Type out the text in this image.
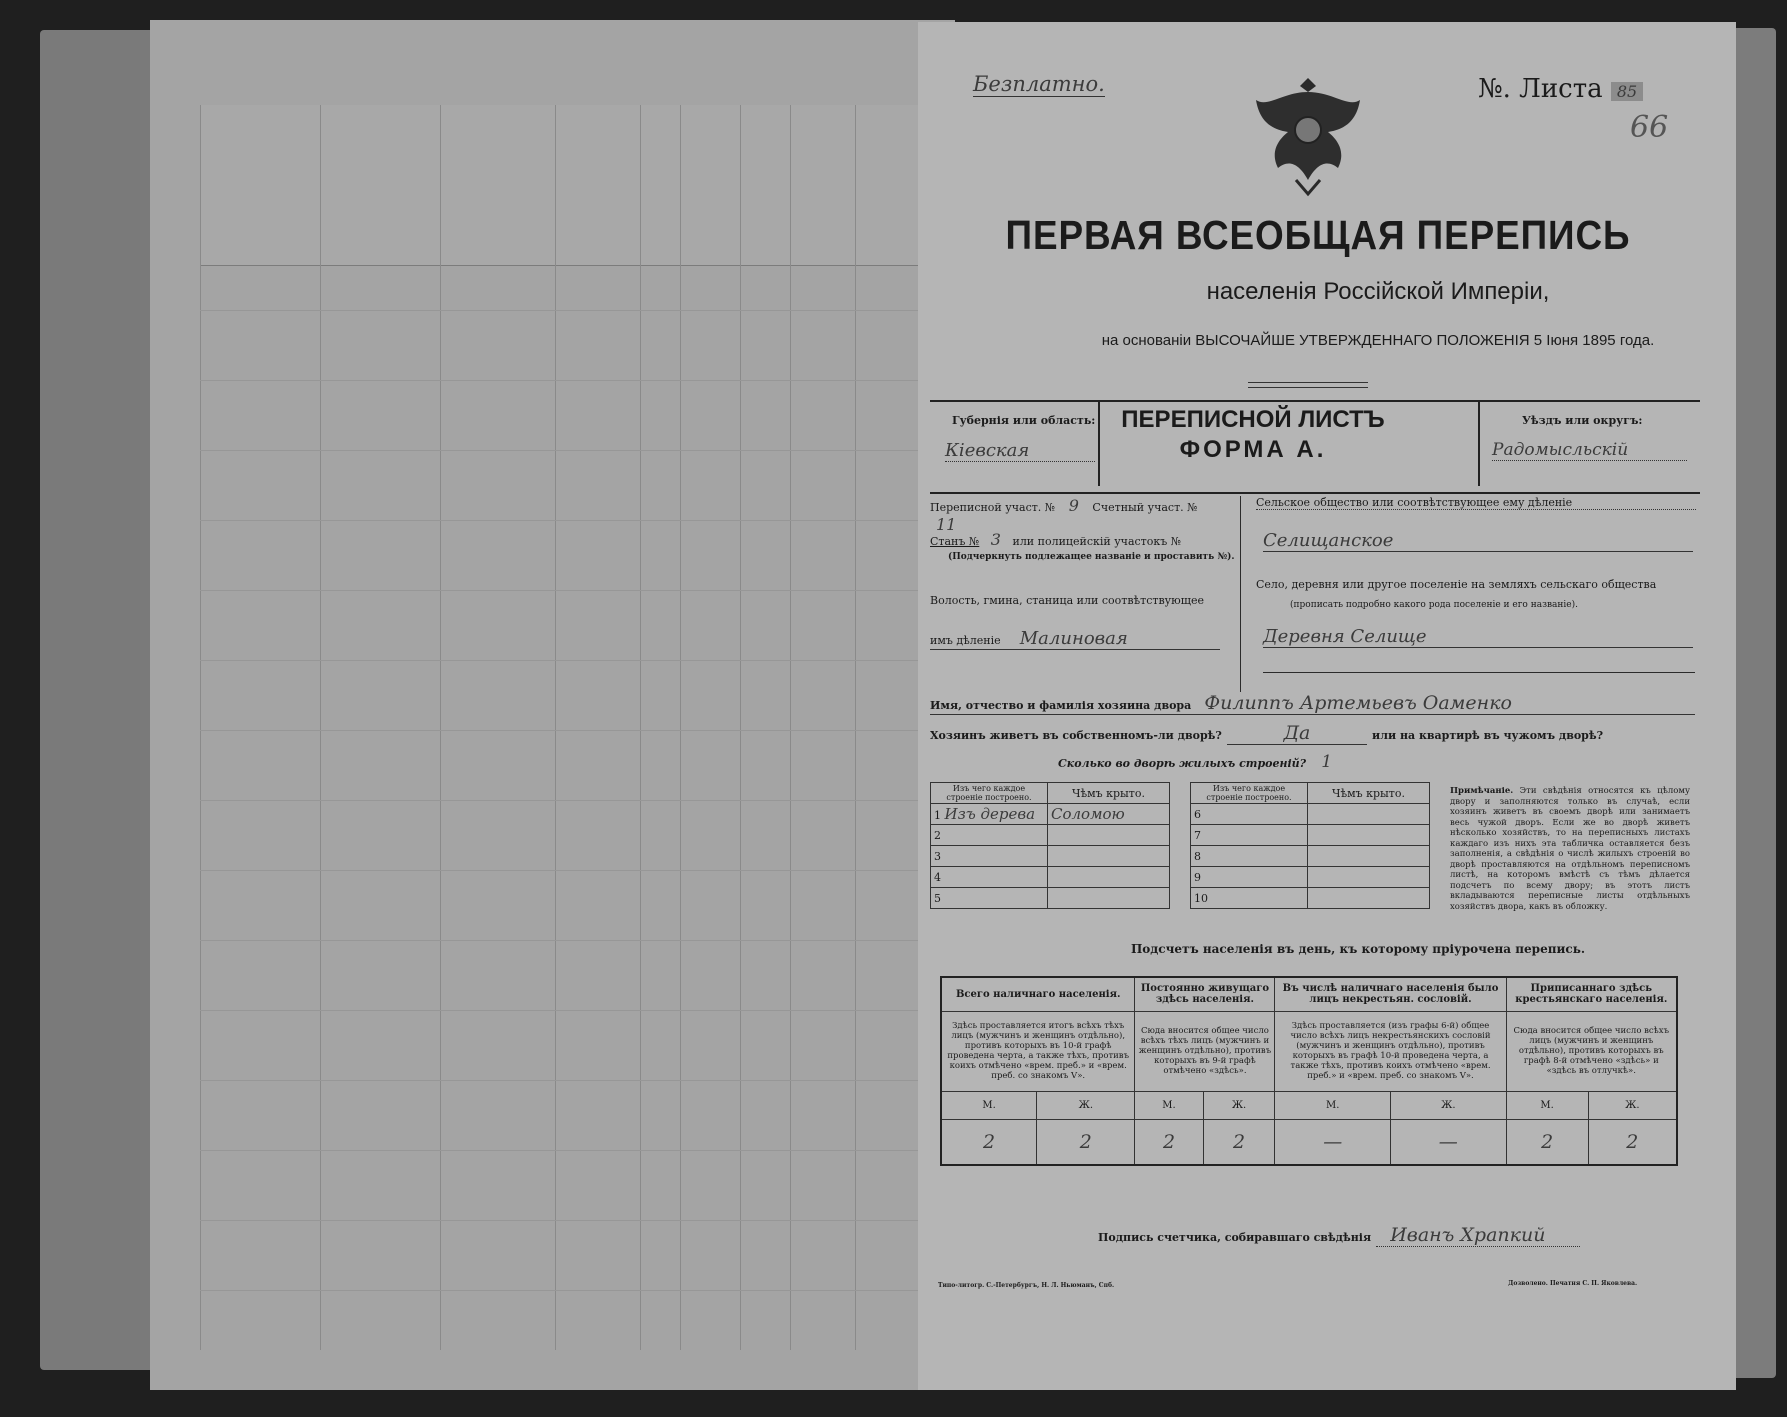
Безплатно.	№. Листа 85
66
ПЕРВАЯ ВСЕОБЩАЯ ПЕРЕПИСЬ
населенія Россійской Имперіи,
на основаніи ВЫСОЧАЙШЕ УТВЕРЖДЕННАГО ПОЛОЖЕНІЯ 5 Іюня 1895 года.
Губернія или область:
Кіевская
ПЕРЕПИСНОЙ ЛИСТЪ
ФОРМА А.
Уѣздъ или округъ:
Радомысльскій
Переписной участ. № 9 Счетный участ. № 11
Станъ № 3 или полицейскій участокъ №
(Подчеркнуть подлежащее названіе и проставить №).
Волость, гмина, станица или соотвѣтствующее
имъ дѣленіе Малиновая
Сельское общество или соотвѣтствующее ему дѣленіе
Селищанское
Село, деревня или другое поселеніе на земляхъ сельскаго общества
(прописать подробно какого рода поселеніе и его названіе).
Деревня Селище
Имя, отчество и фамилія хозяина двора Филиппъ Артемьевъ Оаменко
Хозяинъ живетъ въ собственномъ-ли дворѣ?	Да	или на квартирѣ въ чужомъ дворѣ?
Сколько во дворѣ жилыхъ строеній? 1
Изъ чего каждое строеніе построено.	Чѣмъ крыто.
1 Изъ дерева	Соломою
2	
3	
4	
5	
Изъ чего каждое строеніе построено.	Чѣмъ крыто.
6	
7	
8	
9	
10	
Примѣчаніе. Эти свѣдѣнія относятся къ цѣлому двору и заполняются только въ случаѣ, если хозяинъ живетъ въ своемъ дворѣ или занимаетъ весь чужой дворъ. Если же во дворѣ живетъ нѣсколько хозяйствъ, то на переписныхъ листахъ каждаго изъ нихъ эта табличка оставляется безъ заполненія, а свѣдѣнія о числѣ жилыхъ строеній во дворѣ проставляются на отдѣльномъ переписномъ листѣ, на которомъ вмѣстѣ съ тѣмъ дѣлается подсчетъ по всему двору; въ этотъ листъ вкладываются переписные листы отдѣльныхъ хозяйствъ двора, какъ въ обложку.
Подсчетъ населенія въ день, къ которому пріурочена перепись.
Всего наличнаго населенія.		Постоянно живущаго здѣсь населенія.		Въ числѣ наличнаго населенія было лицъ некрестьян. сословій.		Приписаннаго здѣсь крестьянскаго населенія.	
Здѣсь проставляется итогъ всѣхъ тѣхъ лицъ (мужчинъ и женщинъ отдѣльно), противъ которыхъ въ 10-й графѣ проведена черта, а также тѣхъ, противъ коихъ отмѣчено «врем. преб.» и «врем. преб. со знакомъ V».		Сюда вносится общее число всѣхъ тѣхъ лицъ (мужчинъ и женщинъ отдѣльно), противъ которыхъ въ 9-й графѣ отмѣчено «здѣсь».		Здѣсь проставляется (изъ графы 6-й) общее число всѣхъ лицъ некрестьянскихъ сословій (мужчинъ и женщинъ отдѣльно), противъ которыхъ въ графѣ 10-й проведена черта, а также тѣхъ, противъ коихъ отмѣчено «врем. преб.» и «врем. преб. со знакомъ V».		Сюда вносится общее число всѣхъ лицъ (мужчинъ и женщинъ отдѣльно), противъ которыхъ въ графѣ 8-й отмѣчено «здѣсь» и «здѣсь въ отлучкѣ».	
М.	Ж.	М.	Ж.	М.	Ж.	М.	Ж.
2	2	2	2	—	—	2	2
Подпись счетчика, собиравшаго свѣдѣнія Иванъ Храпкий
Типо-литогр. С.-Петербургъ, Н. Л. Ньюманъ, Спб.	Дозволено. Печатня С. П. Яковлева.
